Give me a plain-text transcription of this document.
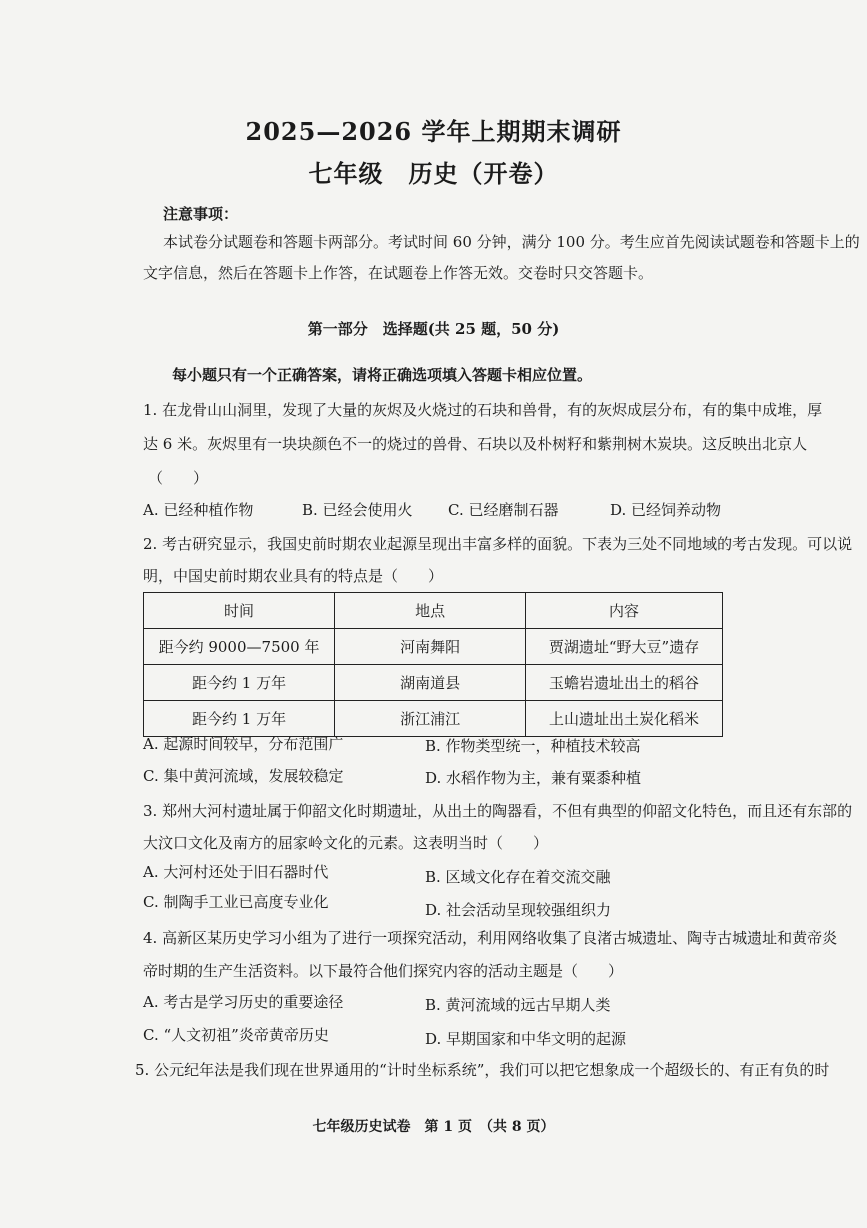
2025—2026 学年上期期末调研
七年级　历史（开卷）
注意事项：
本试卷分试题卷和答题卡两部分。考试时间 60 分钟，满分 100 分。考生应首先阅读试题卷和答题卡上的
文字信息，然后在答题卡上作答，在试题卷上作答无效。交卷时只交答题卡。
第一部分　选择题(共 25 题，50 分)
每小题只有一个正确答案，请将正确选项填入答题卡相应位置。
1. 在龙骨山山洞里，发现了大量的灰烬及火烧过的石块和兽骨，有的灰烬成层分布，有的集中成堆，厚
达 6 米。灰烬里有一块块颜色不一的烧过的兽骨、石块以及朴树籽和紫荆树木炭块。这反映出北京人
（　　）
A. 已经种植作物	B. 已经会使用火 C. 已经磨制石器	D. 已经饲养动物
2. 考古研究显示，我国史前时期农业起源呈现出丰富多样的面貌。下表为三处不同地域的考古发现。可以说
明，中国史前时期农业具有的特点是（　　）
时间	地点	内容
距今约 9000—7500 年	河南舞阳	贾湖遗址“野大豆”遗存
距今约 1 万年	湖南道县	玉蟾岩遗址出土的稻谷
距今约 1 万年	浙江浦江	上山遗址出土炭化稻米
A. 起源时间较早，分布范围广	B. 作物类型统一，种植技术较高
C. 集中黄河流域，发展较稳定	D. 水稻作物为主，兼有粟黍种植
3. 郑州大河村遗址属于仰韶文化时期遗址，从出土的陶器看，不但有典型的仰韶文化特色，而且还有东部的
大汶口文化及南方的屈家岭文化的元素。这表明当时（　　）
A. 大河村还处于旧石器时代	B. 区域文化存在着交流交融
C. 制陶手工业已高度专业化	D. 社会活动呈现较强组织力
4. 高新区某历史学习小组为了进行一项探究活动，利用网络收集了良渚古城遗址、陶寺古城遗址和黄帝炎
帝时期的生产生活资料。以下最符合他们探究内容的活动主题是（　　）
A. 考古是学习历史的重要途径	B. 黄河流域的远古早期人类
C. “人文初祖”炎帝黄帝历史	D. 早期国家和中华文明的起源
5. 公元纪年法是我们现在世界通用的“计时坐标系统”，我们可以把它想象成一个超级长的、有正有负的时
七年级历史试卷　第 1 页　（共 8 页）
